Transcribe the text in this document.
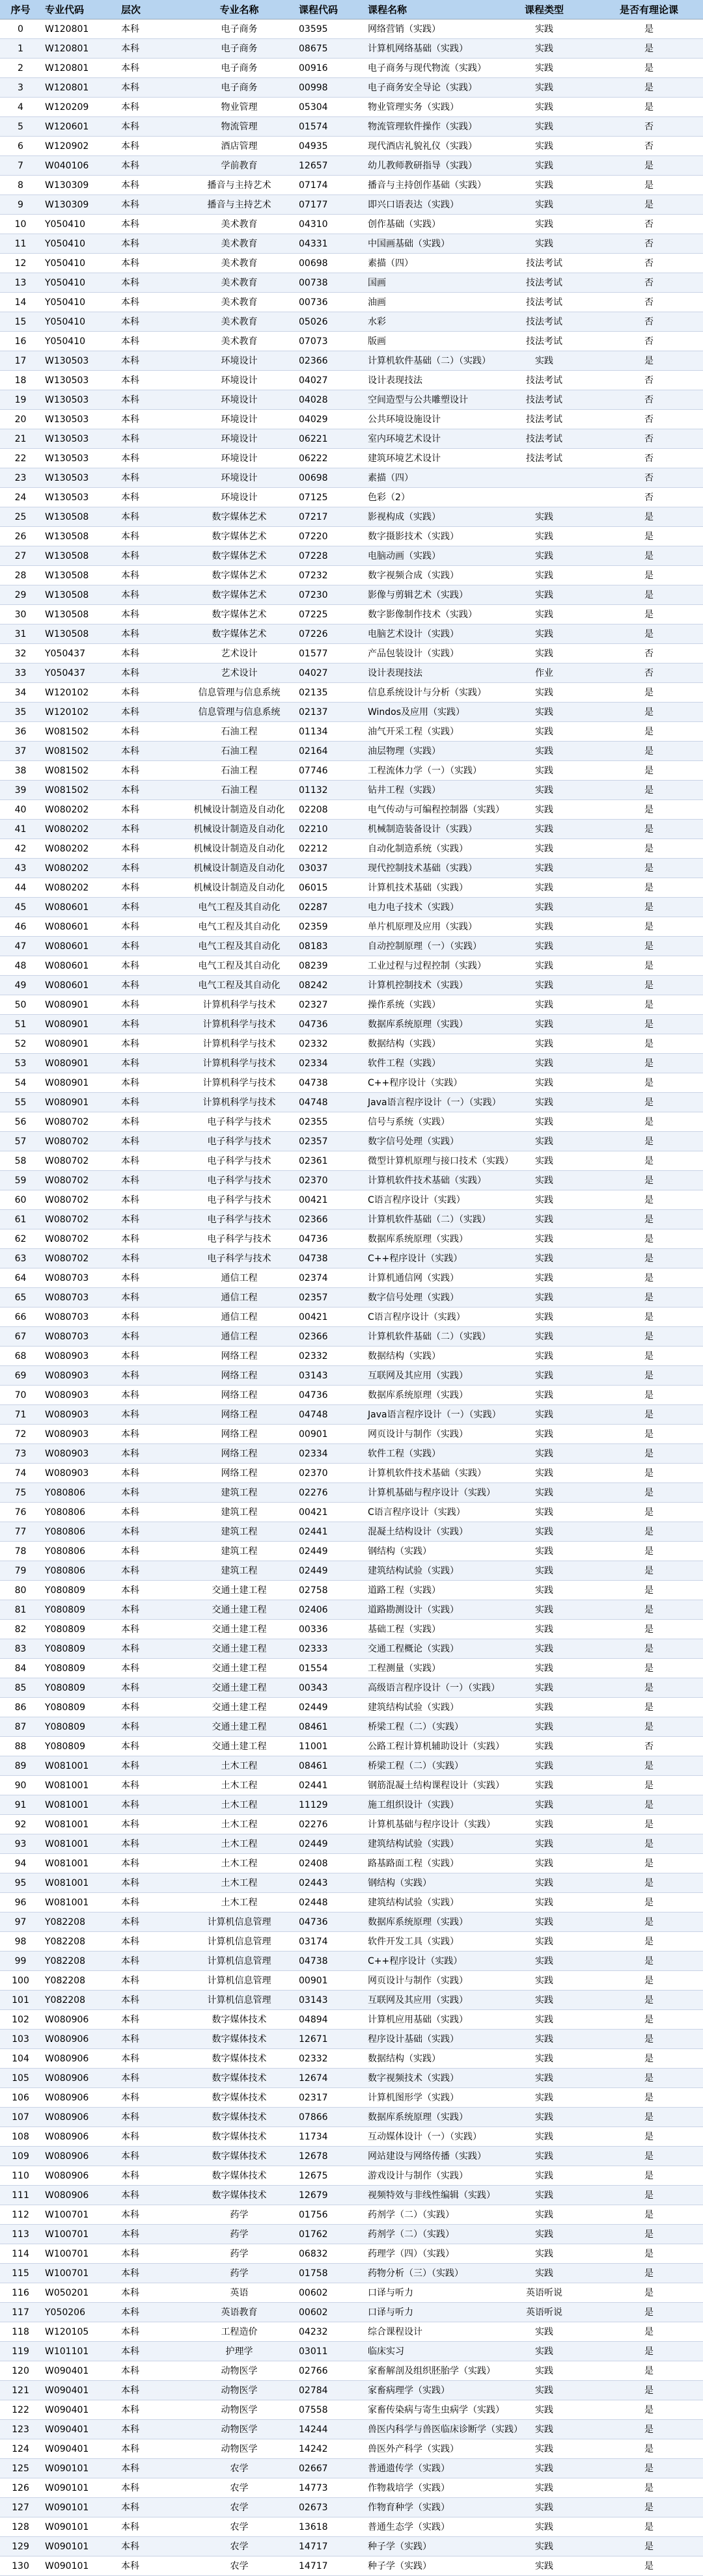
序号	专业代码	层次	专业名称	课程代码	课程名称	课程类型	是否有理论课
0	W120801	本科	电子商务	03595	网络营销（实践）	实践	是
1	W120801	本科	电子商务	08675	计算机网络基础（实践）	实践	是
2	W120801	本科	电子商务	00916	电子商务与现代物流（实践）	实践	是
3	W120801	本科	电子商务	00998	电子商务安全导论（实践）	实践	是
4	W120209	本科	物业管理	05304	物业管理实务（实践）	实践	是
5	W120601	本科	物流管理	01574	物流管理软件操作（实践）	实践	否
6	W120902	本科	酒店管理	04935	现代酒店礼貌礼仪（实践）	实践	否
7	W040106	本科	学前教育	12657	幼儿教师教研指导（实践）	实践	是
8	W130309	本科	播音与主持艺术	07174	播音与主持创作基础（实践）	实践	是
9	W130309	本科	播音与主持艺术	07177	即兴口语表达（实践）	实践	是
10	Y050410	本科	美术教育	04310	创作基础（实践）	实践	否
11	Y050410	本科	美术教育	04331	中国画基础（实践）	实践	否
12	Y050410	本科	美术教育	00698	素描（四）	技法考试	否
13	Y050410	本科	美术教育	00738	国画	技法考试	否
14	Y050410	本科	美术教育	00736	油画	技法考试	否
15	Y050410	本科	美术教育	05026	水彩	技法考试	否
16	Y050410	本科	美术教育	07073	版画	技法考试	否
17	W130503	本科	环境设计	02366	计算机软件基础（二）（实践）	实践	是
18	W130503	本科	环境设计	04027	设计表现技法	技法考试	否
19	W130503	本科	环境设计	04028	空间造型与公共雕塑设计	技法考试	否
20	W130503	本科	环境设计	04029	公共环境设施设计	技法考试	否
21	W130503	本科	环境设计	06221	室内环境艺术设计	技法考试	否
22	W130503	本科	环境设计	06222	建筑环境艺术设计	技法考试	否
23	W130503	本科	环境设计	00698	素描（四）		否
24	W130503	本科	环境设计	07125	色彩（2）		否
25	W130508	本科	数字媒体艺术	07217	影视构成（实践）	实践	是
26	W130508	本科	数字媒体艺术	07220	数字摄影技术（实践）	实践	是
27	W130508	本科	数字媒体艺术	07228	电脑动画（实践）	实践	是
28	W130508	本科	数字媒体艺术	07232	数字视频合成（实践）	实践	是
29	W130508	本科	数字媒体艺术	07230	影像与剪辑艺术（实践）	实践	是
30	W130508	本科	数字媒体艺术	07225	数字影像制作技术（实践）	实践	是
31	W130508	本科	数字媒体艺术	07226	电脑艺术设计（实践）	实践	是
32	Y050437	本科	艺术设计	01577	产品包装设计（实践）	实践	否
33	Y050437	本科	艺术设计	04027	设计表现技法	作业	否
34	W120102	本科	信息管理与信息系统	02135	信息系统设计与分析（实践）	实践	是
35	W120102	本科	信息管理与信息系统	02137	Windos及应用（实践）	实践	是
36	W081502	本科	石油工程	01134	油气开采工程（实践）	实践	是
37	W081502	本科	石油工程	02164	油层物理（实践）	实践	是
38	W081502	本科	石油工程	07746	工程流体力学（一）（实践）	实践	是
39	W081502	本科	石油工程	01132	钻井工程（实践）	实践	是
40	W080202	本科	机械设计制造及自动化	02208	电气传动与可编程控制器（实践）	实践	是
41	W080202	本科	机械设计制造及自动化	02210	机械制造装备设计（实践）	实践	是
42	W080202	本科	机械设计制造及自动化	02212	自动化制造系统（实践）	实践	是
43	W080202	本科	机械设计制造及自动化	03037	现代控制技术基础（实践）	实践	是
44	W080202	本科	机械设计制造及自动化	06015	计算机技术基础（实践）	实践	是
45	W080601	本科	电气工程及其自动化	02287	电力电子技术（实践）	实践	是
46	W080601	本科	电气工程及其自动化	02359	单片机原理及应用（实践）	实践	是
47	W080601	本科	电气工程及其自动化	08183	自动控制原理（一）（实践）	实践	是
48	W080601	本科	电气工程及其自动化	08239	工业过程与过程控制（实践）	实践	是
49	W080601	本科	电气工程及其自动化	08242	计算机控制技术（实践）	实践	是
50	W080901	本科	计算机科学与技术	02327	操作系统（实践）	实践	是
51	W080901	本科	计算机科学与技术	04736	数据库系统原理（实践）	实践	是
52	W080901	本科	计算机科学与技术	02332	数据结构（实践）	实践	是
53	W080901	本科	计算机科学与技术	02334	软件工程（实践）	实践	是
54	W080901	本科	计算机科学与技术	04738	C++程序设计（实践）	实践	是
55	W080901	本科	计算机科学与技术	04748	Java语言程序设计（一）（实践）	实践	是
56	W080702	本科	电子科学与技术	02355	信号与系统（实践）	实践	是
57	W080702	本科	电子科学与技术	02357	数字信号处理（实践）	实践	是
58	W080702	本科	电子科学与技术	02361	微型计算机原理与接口技术（实践）	实践	是
59	W080702	本科	电子科学与技术	02370	计算机软件技术基础（实践）	实践	是
60	W080702	本科	电子科学与技术	00421	C语言程序设计（实践）	实践	是
61	W080702	本科	电子科学与技术	02366	计算机软件基础（二）（实践）	实践	是
62	W080702	本科	电子科学与技术	04736	数据库系统原理（实践）	实践	是
63	W080702	本科	电子科学与技术	04738	C++程序设计（实践）	实践	是
64	W080703	本科	通信工程	02374	计算机通信网（实践）	实践	是
65	W080703	本科	通信工程	02357	数字信号处理（实践）	实践	是
66	W080703	本科	通信工程	00421	C语言程序设计（实践）	实践	是
67	W080703	本科	通信工程	02366	计算机软件基础（二）（实践）	实践	是
68	W080903	本科	网络工程	02332	数据结构（实践）	实践	是
69	W080903	本科	网络工程	03143	互联网及其应用（实践）	实践	是
70	W080903	本科	网络工程	04736	数据库系统原理（实践）	实践	是
71	W080903	本科	网络工程	04748	Java语言程序设计（一）（实践）	实践	是
72	W080903	本科	网络工程	00901	网页设计与制作（实践）	实践	是
73	W080903	本科	网络工程	02334	软件工程（实践）	实践	是
74	W080903	本科	网络工程	02370	计算机软件技术基础（实践）	实践	是
75	Y080806	本科	建筑工程	02276	计算机基础与程序设计（实践）	实践	是
76	Y080806	本科	建筑工程	00421	C语言程序设计（实践）	实践	是
77	Y080806	本科	建筑工程	02441	混凝土结构设计（实践）	实践	是
78	Y080806	本科	建筑工程	02449	钢结构（实践）	实践	是
79	Y080806	本科	建筑工程	02449	建筑结构试验（实践）	实践	是
80	Y080809	本科	交通土建工程	02758	道路工程（实践）	实践	是
81	Y080809	本科	交通土建工程	02406	道路勘测设计（实践）	实践	是
82	Y080809	本科	交通土建工程	00336	基础工程（实践）	实践	是
83	Y080809	本科	交通土建工程	02333	交通工程概论（实践）	实践	是
84	Y080809	本科	交通土建工程	01554	工程测量（实践）	实践	是
85	Y080809	本科	交通土建工程	00343	高级语言程序设计（一）（实践）	实践	是
86	Y080809	本科	交通土建工程	02449	建筑结构试验（实践）	实践	是
87	Y080809	本科	交通土建工程	08461	桥梁工程（二）（实践）	实践	是
88	Y080809	本科	交通土建工程	11001	公路工程计算机辅助设计（实践）	实践	否
89	W081001	本科	土木工程	08461	桥梁工程（二）（实践）	实践	是
90	W081001	本科	土木工程	02441	钢筋混凝土结构课程设计（实践）	实践	是
91	W081001	本科	土木工程	11129	施工组织设计（实践）	实践	是
92	W081001	本科	土木工程	02276	计算机基础与程序设计（实践）	实践	是
93	W081001	本科	土木工程	02449	建筑结构试验（实践）	实践	是
94	W081001	本科	土木工程	02408	路基路面工程（实践）	实践	是
95	W081001	本科	土木工程	02443	钢结构（实践）	实践	是
96	W081001	本科	土木工程	02448	建筑结构试验（实践）	实践	是
97	Y082208	本科	计算机信息管理	04736	数据库系统原理（实践）	实践	是
98	Y082208	本科	计算机信息管理	03174	软件开发工具（实践）	实践	是
99	Y082208	本科	计算机信息管理	04738	C++程序设计（实践）	实践	是
100	Y082208	本科	计算机信息管理	00901	网页设计与制作（实践）	实践	是
101	Y082208	本科	计算机信息管理	03143	互联网及其应用（实践）	实践	是
102	W080906	本科	数字媒体技术	04894	计算机应用基础（实践）	实践	是
103	W080906	本科	数字媒体技术	12671	程序设计基础（实践）	实践	是
104	W080906	本科	数字媒体技术	02332	数据结构（实践）	实践	是
105	W080906	本科	数字媒体技术	12674	数字视频技术（实践）	实践	是
106	W080906	本科	数字媒体技术	02317	计算机图形学（实践）	实践	是
107	W080906	本科	数字媒体技术	07866	数据库系统原理（实践）	实践	是
108	W080906	本科	数字媒体技术	11734	互动媒体设计（一）（实践）	实践	是
109	W080906	本科	数字媒体技术	12678	网站建设与网络传播（实践）	实践	是
110	W080906	本科	数字媒体技术	12675	游戏设计与制作（实践）	实践	是
111	W080906	本科	数字媒体技术	12679	视频特效与非线性编辑（实践）	实践	是
112	W100701	本科	药学	01756	药剂学（二）（实践）	实践	是
113	W100701	本科	药学	01762	药剂学（二）（实践）	实践	是
114	W100701	本科	药学	06832	药理学（四）（实践）	实践	是
115	W100701	本科	药学	01758	药物分析（三）（实践）	实践	是
116	W050201	本科	英语	00602	口译与听力	英语听说	是
117	Y050206	本科	英语教育	00602	口译与听力	英语听说	是
118	W120105	本科	工程造价	04232	综合课程设计	实践	是
119	W101101	本科	护理学	03011	临床实习	实践	是
120	W090401	本科	动物医学	02766	家畜解剖及组织胚胎学（实践）	实践	是
121	W090401	本科	动物医学	02784	家畜病理学（实践）	实践	是
122	W090401	本科	动物医学	07558	家畜传染病与寄生虫病学（实践）	实践	是
123	W090401	本科	动物医学	14244	兽医内科学与兽医临床诊断学（实践）	实践	是
124	W090401	本科	动物医学	14242	兽医外产科学（实践）	实践	是
125	W090101	本科	农学	02667	普通遗传学（实践）	实践	是
126	W090101	本科	农学	14773	作物栽培学（实践）	实践	是
127	W090101	本科	农学	02673	作物育种学（实践）	实践	是
128	W090101	本科	农学	13618	普通生态学（实践）	实践	是
129	W090101	本科	农学	14717	种子学（实践）	实践	是
130	W090101	本科	农学	14717	种子学（实践）	实践	是
